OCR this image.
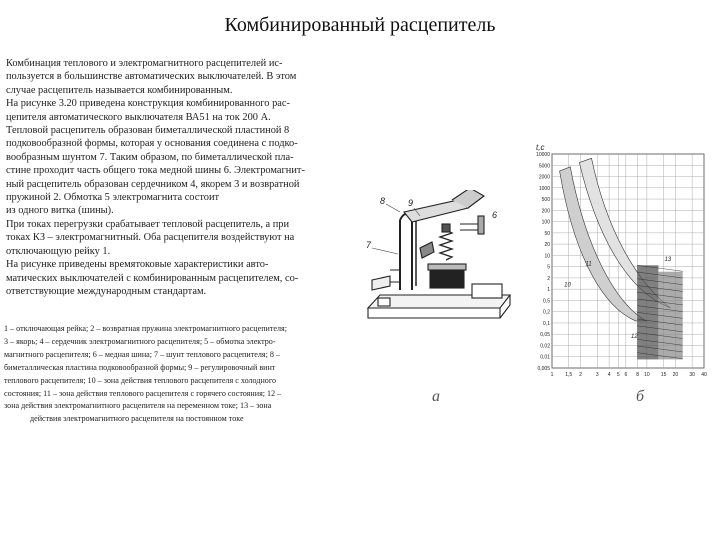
Комбинированный расцепитель

Комбинация теплового и электромагнитного расцепителей ис-

пользуется в большинстве автоматических выключателей. В этом

случае расцепитель называется комбинированным.

На рисунке 3.20 приведена конструкция комбинированного рас-

цепителя автоматического выключателя ВА51 на ток 200 А.

Тепловой расцепитель образован биметаллической пластиной 8

подковообразной формы, которая у основания соединена с подко-

вообразным шунтом 7. Таким образом, по биметаллической пла-

стине проходит часть общего тока медной шины 6. Электромагнит-

ный расцепитель образован сердечником 4, якорем 3 и возвратной

пружиной 2. Обмотка 5 электромагнита состоит

из одного витка (шины).

При токах перегрузки срабатывает тепловой расцепитель, а при

токах КЗ – электромагнитный. Оба расцепителя воздействуют на

отключающую рейку 1.

На рисунке приведены времятоковые характеристики авто-

матических выключателей с комбинированным расцепителем, со-

ответствующие международным стандартам.

1 – отключающая рейка; 2 – возвратная пружина электромагнитного расцепителя;
3 – якорь; 4 – сердечник электромагнитного расцепителя; 5 – обмотка электро-
магнитного расцепителя; 6 – медная шина; 7 – шунт теплового расцепителя; 8 –
биметаллическая пластина подковообразной формы; 9 – регулировочный винт
теплового расцепителя; 10 – зона действия теплового расцепителя с холодного
состояния; 11 – зона действия теплового расцепителя с горячего состояния; 12 –
зона действия электромагнитного расцепителя на переменном токе; 13 – зона
действия электромагнитного расцепителя на постоянном токе
8	9
7
6
10000
5000
2000
1000
500
200
100
50
20
10
5
2
1
0,5
0,2
0,1
0,05
0,02
0,01
0,005
1 1,5 2	3 4 5 6 8 10 15 20 30 40
10
11
12
13
t,с
а	б
